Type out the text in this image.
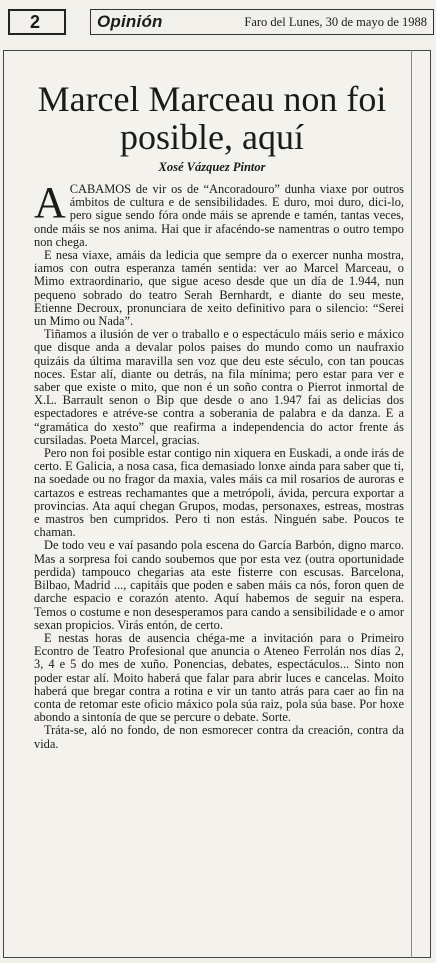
2	Opinión	Faro del Lunes, 30 de mayo de 1988
Marcel Marceau non foi posible, aquí
Xosé Vázquez Pintor

ACABAMOS de vir os de “Ancoradouro” dunha viaxe por outros ámbitos de cultura e de sensibilidades. E duro, moi duro, dici-lo, pero sigue sendo fóra onde máis se aprende e tamén, tantas veces, onde máis se nos anima. Hai que ir afacéndo-se namentras o outro tempo non chega.

E nesa viaxe, amáis da ledicia que sempre da o exercer nunha mostra, iamos con outra esperanza tamén sentida: ver ao Marcel Marceau, o Mimo extraordinario, que sigue aceso desde que un día de 1.944, nun pequeno sobrado do teatro Serah Bernhardt, e diante do seu meste, Etienne Decroux, pronunciara de xeito definitivo para o silencio: “Serei un Mimo ou Nada”.

Tiñamos a ilusión de ver o traballo e o espectáculo máis serio e máxico que disque anda a devalar polos paises do mundo como un naufraxio quizáis da última maravilla sen voz que deu este século, con tan poucas noces. Estar alí, diante ou detrás, na fila mínima; pero estar para ver e saber que existe o mito, que non é un soño contra o Pierrot inmortal de X.L. Barrault senon o Bip que desde o ano 1.947 fai as delicias dos espectadores e atréve-se contra a soberania de palabra e da danza. E a “gramática do xesto” que reafirma a independencia do actor frente ás cursiladas. Poeta Marcel, gracias.

Pero non foi posible estar contigo nin xiquera en Euskadi, a onde irás de certo. E Galicia, a nosa casa, fica demasiado lonxe ainda para saber que ti, na soedade ou no fragor da maxia, vales máis ca mil rosarios de auroras e cartazos e estreas rechamantes que a metrópoli, ávida, percura exportar a provincias. Ata aquí chegan Grupos, modas, personaxes, estreas, mostras e mastros ben cumpridos. Pero ti non estás. Ninguén sabe. Poucos te chaman.

De todo veu e vaí pasando pola escena do García Barbón, digno marco. Mas a sorpresa foi cando soubemos que por esta vez (outra oportunidade perdida) tampouco chegarias ata este fisterre con escusas. Barcelona, Bilbao, Madrid ..., capitáis que poden e saben máis ca nós, foron quen de darche espacio e corazón atento. Aquí habemos de seguir na espera. Temos o costume e non desesperamos para cando a sensibilidade e o amor sexan propicios. Virás entón, de certo.

E nestas horas de ausencia chéga-me a invitación para o Primeiro Econtro de Teatro Profesional que anuncia o Ateneo Ferrolán nos días 2, 3, 4 e 5 do mes de xuño. Ponencias, debates, espectáculos... Sinto non poder estar alí. Moito haberá que falar para abrir luces e cancelas. Moito haberá que bregar contra a rotina e vir un tanto atrás para caer ao fin na conta de retomar este oficio máxico pola súa raiz, pola súa base. Por hoxe abondo a sintonía de que se percure o debate. Sorte.

Tráta-se, aló no fondo, de non esmorecer contra da creación, contra da vida.
